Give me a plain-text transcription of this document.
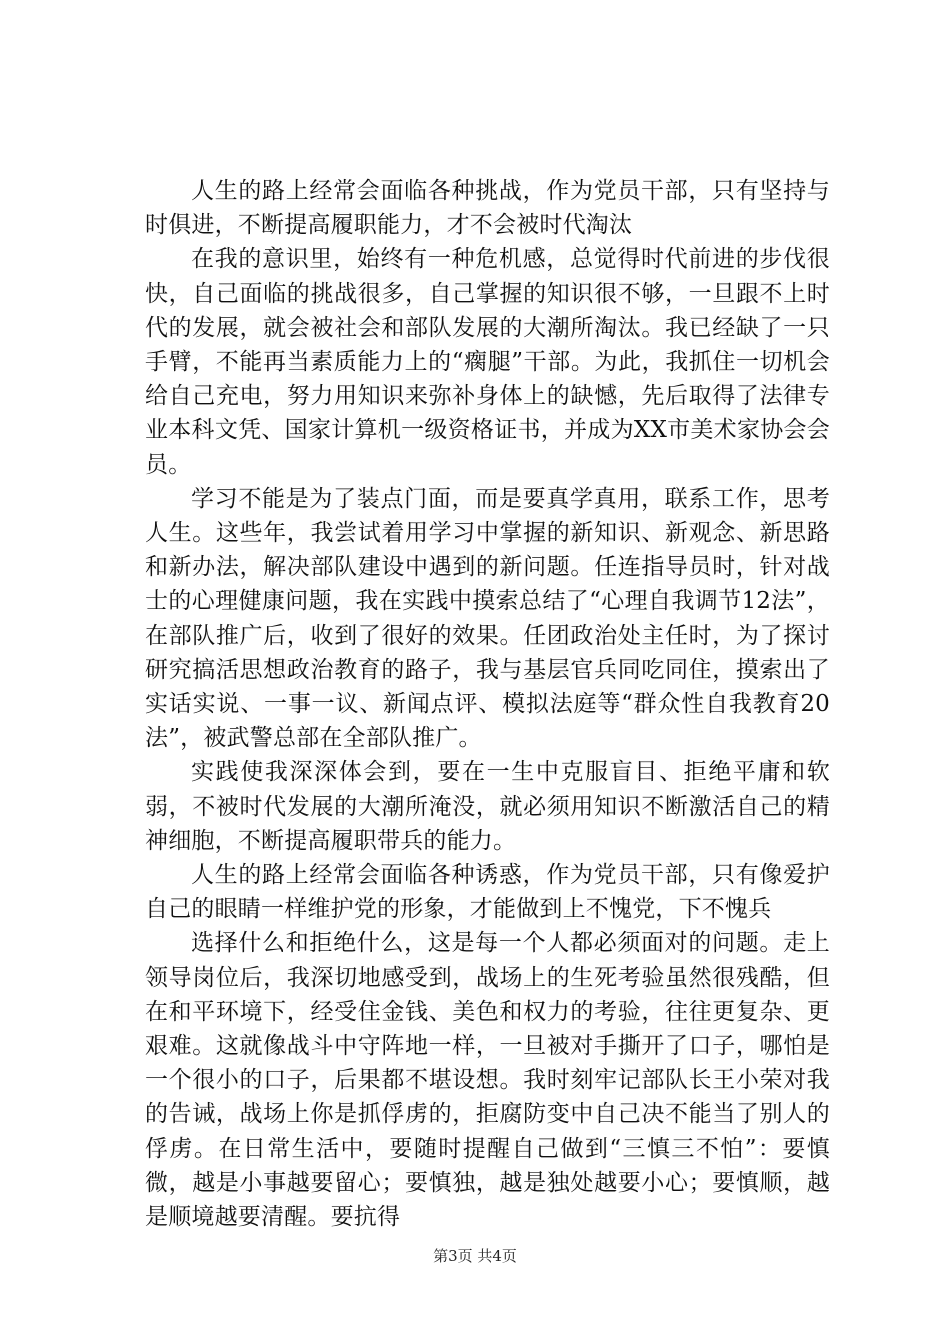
人生的路上经常会面临各种挑战，作为党员干部，只有坚持与时俱进，不断提高履职能力，才不会被时代淘汰

在我的意识里，始终有一种危机感，总觉得时代前进的步伐很快，自己面临的挑战很多，自己掌握的知识很不够，一旦跟不上时代的发展，就会被社会和部队发展的大潮所淘汰。我已经缺了一只手臂，不能再当素质能力上的“瘸腿”干部。为此，我抓住一切机会给自己充电，努力用知识来弥补身体上的缺憾，先后取得了法律专业本科文凭、国家计算机一级资格证书，并成为XX市美术家协会会员。

学习不能是为了装点门面，而是要真学真用，联系工作，思考人生。这些年，我尝试着用学习中掌握的新知识、新观念、新思路和新办法，解决部队建设中遇到的新问题。任连指导员时，针对战士的心理健康问题，我在实践中摸索总结了“心理自我调节12法”，在部队推广后，收到了很好的效果。任团政治处主任时，为了探讨研究搞活思想政治教育的路子，我与基层官兵同吃同住，摸索出了实话实说、一事一议、新闻点评、模拟法庭等“群众性自我教育20法”，被武警总部在全部队推广。

实践使我深深体会到，要在一生中克服盲目、拒绝平庸和软弱，不被时代发展的大潮所淹没，就必须用知识不断激活自己的精神细胞，不断提高履职带兵的能力。

人生的路上经常会面临各种诱惑，作为党员干部，只有像爱护自己的眼睛一样维护党的形象，才能做到上不愧党，下不愧兵

选择什么和拒绝什么，这是每一个人都必须面对的问题。走上领导岗位后，我深切地感受到，战场上的生死考验虽然很残酷，但在和平环境下，经受住金钱、美色和权力的考验，往往更复杂、更艰难。这就像战斗中守阵地一样，一旦被对手撕开了口子，哪怕是一个很小的口子，后果都不堪设想。我时刻牢记部队长王小荣对我的告诫，战场上你是抓俘虏的，拒腐防变中自己决不能当了别人的俘虏。在日常生活中，要随时提醒自己做到“三慎三不怕”：要慎微，越是小事越要留心；要慎独，越是独处越要小心；要慎顺，越是顺境越要清醒。要抗得

第3页 共4页
